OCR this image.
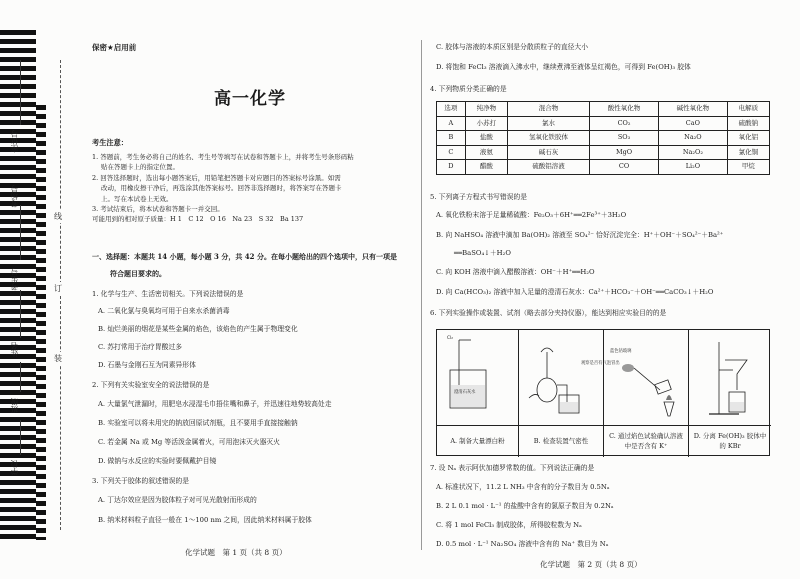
座位号
考场号
考生号
姓名
班级
学校
线
订
装
保密★启用前
高一化学
考生注意：

1. 答题前，考生务必将自己的姓名、考生号等填写在试卷和答题卡上，并将考生号条形码粘

贴在答题卡上的指定位置。

2. 回答选择题时，选出每小题答案后，用铅笔把答题卡对应题目的答案标号涂黑。如需

改动，用橡皮擦干净后，再选涂其他答案标号。回答非选择题时，将答案写在答题卡

上。写在本试卷上无效。

3. 考试结束后，将本试卷和答题卡一并交回。

可能用到的相对原子质量：H 1　C 12　O 16　Na 23　S 32　Ba 137

一、选择题：本题共 14 小题，每小题 3 分，共 42 分。在每小题给出的四个选项中，只有一项是
符合题目要求的。
1. 化学与生产、生活密切相关。下列说法错误的是
A. 二氧化氯与臭氧均可用于自来水杀菌消毒
B. 灿烂美丽的烟花是某些金属的焰色，该焰色的产生属于物理变化
C. 苏打常用于治疗胃酸过多
D. 石墨与金刚石互为同素异形体
2. 下列有关实验室安全的说法错误的是
A. 大量氯气泄漏时，用肥皂水浸湿毛巾捂住嘴和鼻子，并迅速往地势较高处走
B. 实验室可以将未用完的钠放回原试剂瓶，且不要用手直接接触钠
C. 若金属 Na 或 Mg 等活泼金属着火，可用泡沫灭火器灭火
D. 做钠与水反应的实验时要佩戴护目镜
3. 下列关于胶体的叙述错误的是
A. 丁达尔效应是因为胶体粒子对可见光散射而形成的
B. 纳米材料粒子直径一般在 1～100 nm 之间，因此纳米材料属于胶体
化学试题　第 1 页（共 8 页）
C. 胶体与溶液的本质区别是分散质粒子的直径大小
D. 将饱和 FeCl₃ 溶液滴入沸水中，继续煮沸至液体呈红褐色，可得到 Fe(OH)₃ 胶体
4. 下列物质分类正确的是
选项	纯净物	混合物	酸性氧化物	碱性氧化物	电解质
A	小苏打	氯水	CO₂	CaO	硫酸钠
B	盐酸	氢氧化铁胶体	SO₃	Na₂O	氧化铝
C	液氨	碱石灰	MgO	Na₂O₂	氯化铜
D	醋酸	硫酸铝溶液	CO	Li₂O	甲烷
5. 下列离子方程式书写错误的是
A. 氧化铁粉末溶于足量稀硫酸：Fe₂O₃＋6H⁺══2Fe³⁺＋3H₂O
B. 向 NaHSO₄ 溶液中滴加 Ba(OH)₂ 溶液至 SO₄²⁻ 恰好沉淀完全：H⁺＋OH⁻＋SO₄²⁻＋Ba²⁺
══BaSO₄↓＋H₂O
C. 向 KOH 溶液中滴入醋酸溶液：OH⁻＋H⁺══H₂O
D. 向 Ca(HCO₃)₂ 溶液中加入足量的澄清石灰水：Ca²⁺＋HCO₃⁻＋OH⁻══CaCO₃↓＋H₂O
6. 下列实验操作或装置、试剂（略去部分夹持仪器），能达到相应实验目的的是
Cl₂
澄清石灰水
A. 制备大量漂白粉
观察是否有气泡冒出
B. 检查装置气密性
蓝色钴玻璃
C. 通过焰色试验确认溶液中是否含有 K⁺
D. 分离 Fe(OH)₃ 胶体中的 KBr
7. 设 Nₐ 表示阿伏加德罗常数的值。下列说法正确的是
A. 标准状况下，11.2 L NH₃ 中含有的分子数目为 0.5Nₐ
B. 2 L 0.1 mol · L⁻¹ 的盐酸中含有的氯原子数目为 0.2Nₐ
C. 将 1 mol FeCl₃ 制成胶体，所得胶粒数为 Nₐ
D. 0.5 mol · L⁻¹ Na₂SO₄ 溶液中含有的 Na⁺ 数目为 Nₐ
化学试题　第 2 页（共 8 页）
